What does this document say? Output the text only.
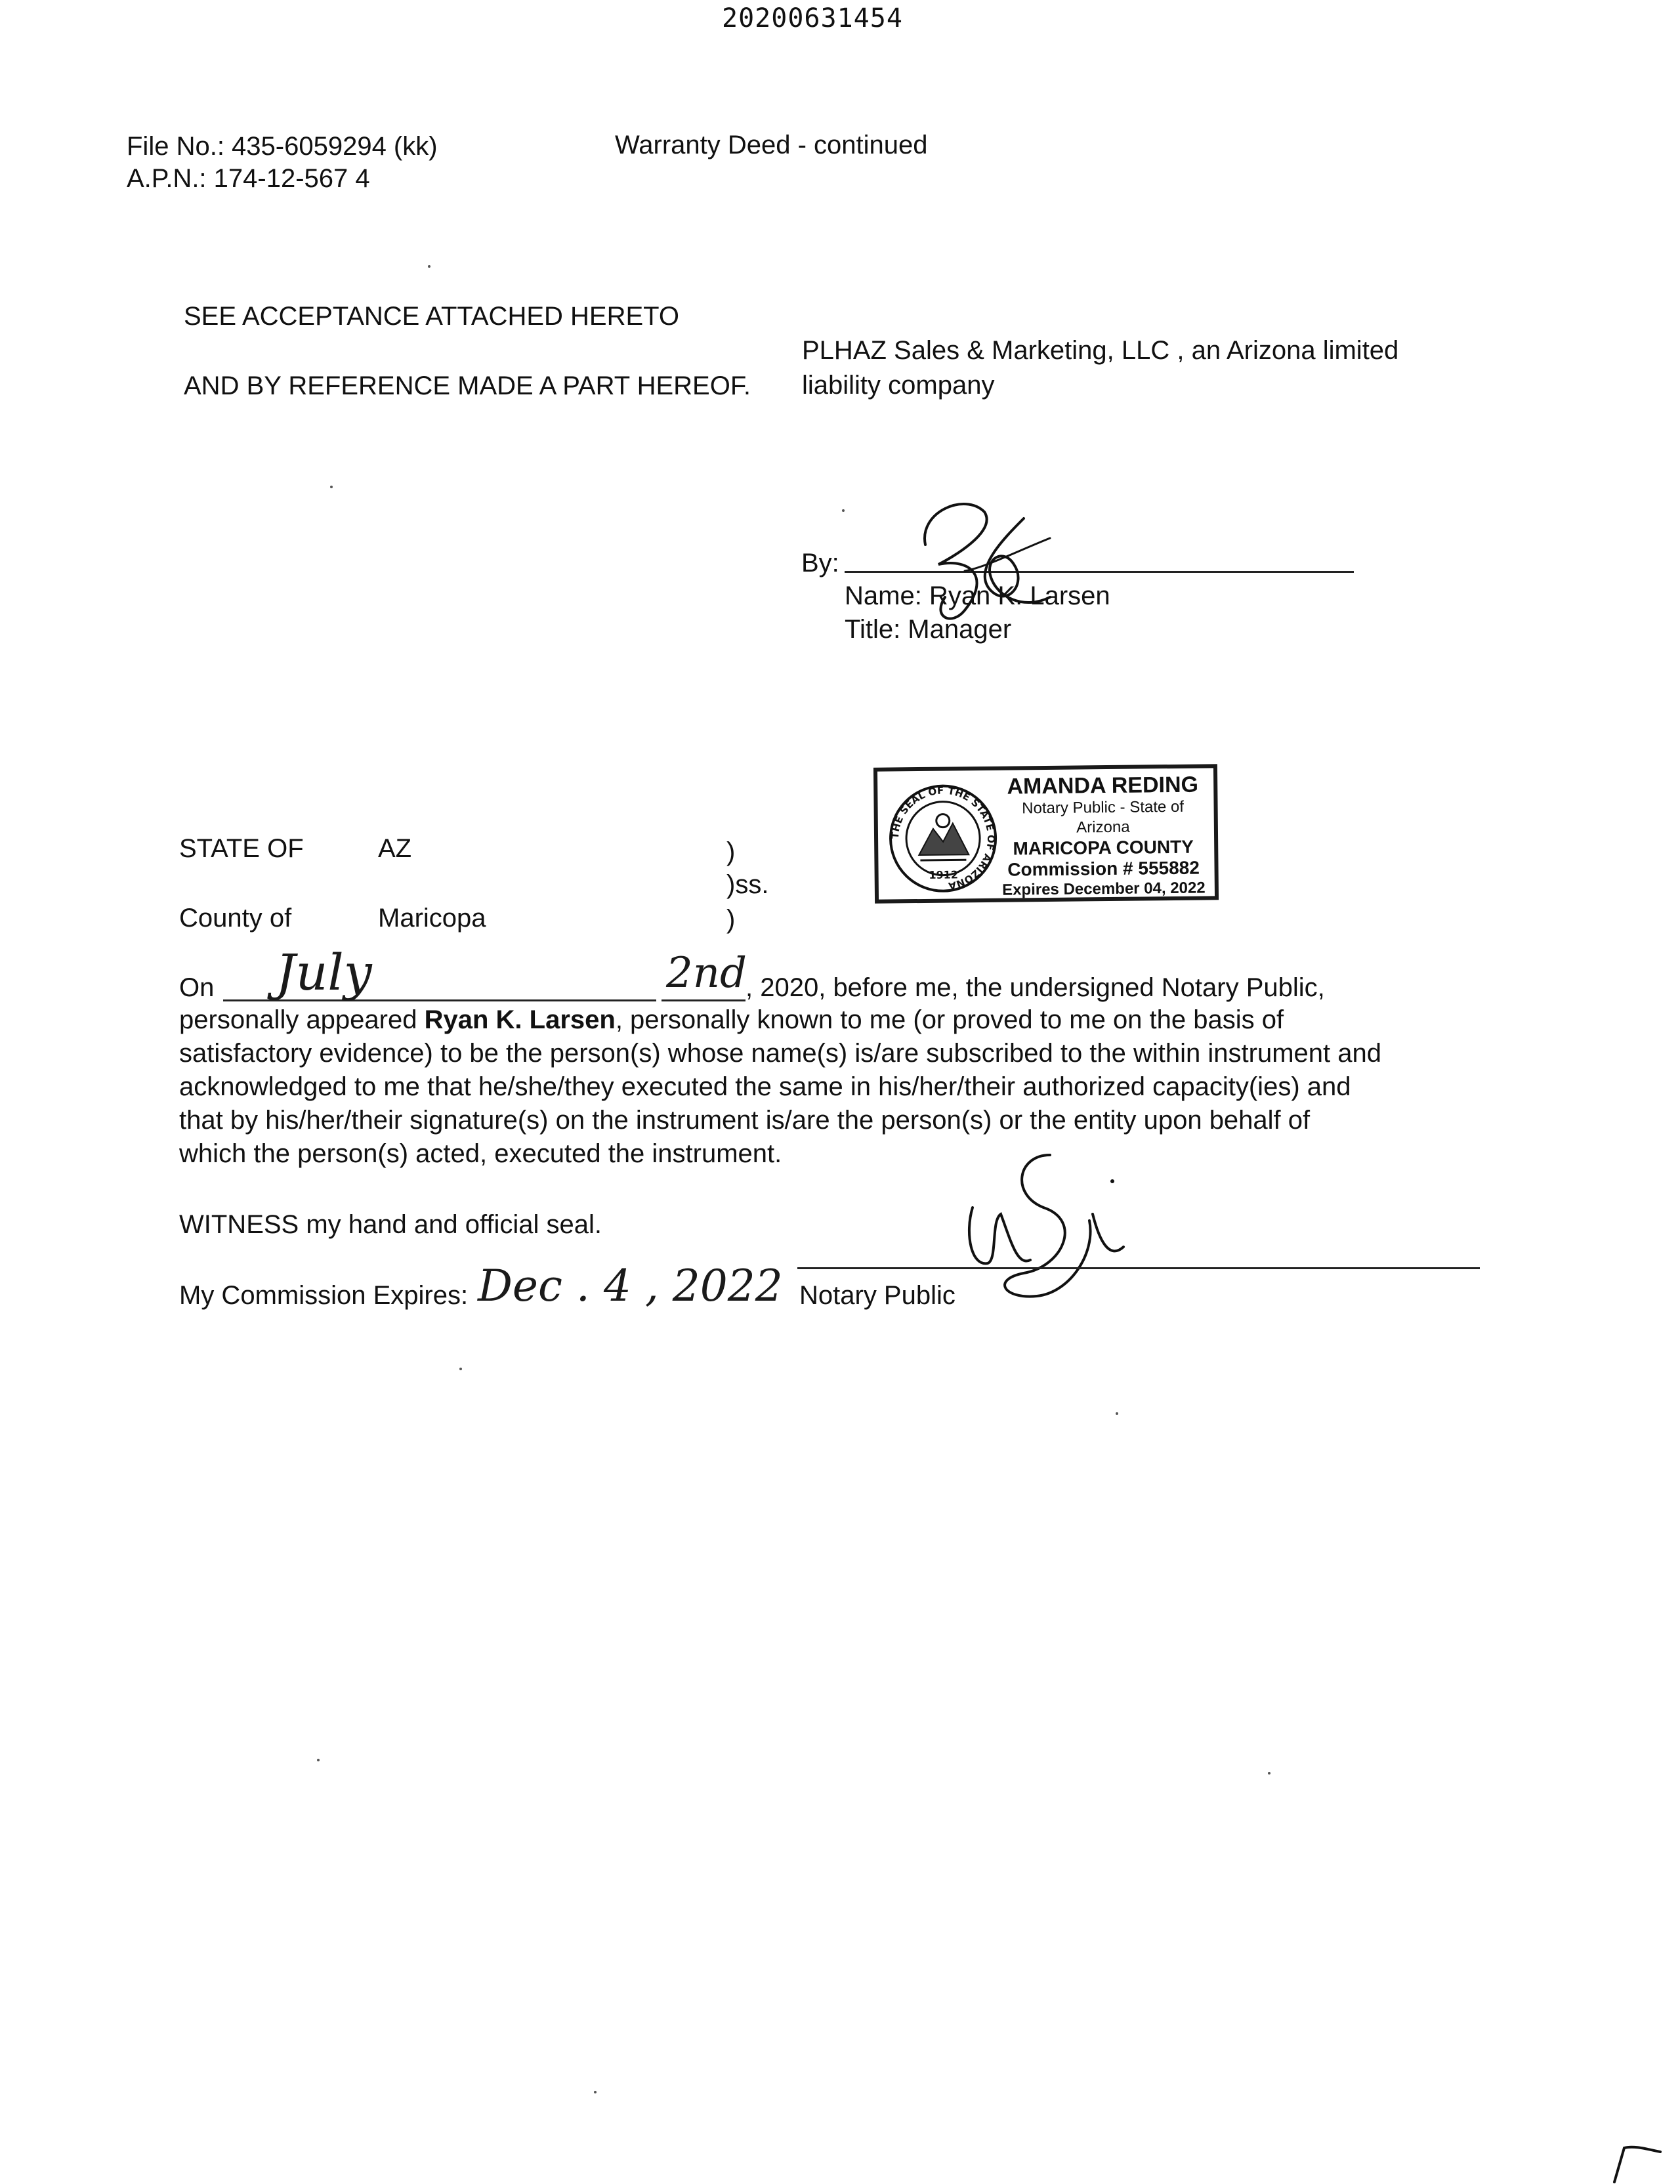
20200631454
File No.: 435-6059294 (kk)
A.P.N.: 174-12-567 4
Warranty Deed - continued
SEE ACCEPTANCE ATTACHED HERETO
AND BY REFERENCE MADE A PART HEREOF.
PLHAZ Sales & Marketing, LLC , an Arizona limited
liability company
By:
Name: Ryan K. Larsen
Title: Manager
THE SEAL OF THE STATE OF ARIZONA
1912
AMANDA REDING
Notary Public - State of Arizona
MARICOPA COUNTY
Commission # 555882
Expires December 04, 2022
STATE OF	AZ	)
)ss.
County of	Maricopa	)
On July	2nd
, 2020, before me, the undersigned Notary Public,
personally appeared Ryan K. Larsen, personally known to me (or proved to me on the basis of
satisfactory evidence) to be the person(s) whose name(s) is/are subscribed to the within instrument and
acknowledged to me that he/she/they executed the same in his/her/their authorized capacity(ies) and
that by his/her/their signature(s) on the instrument is/are the person(s) or the entity upon behalf of
which the person(s) acted, executed the instrument.
WITNESS my hand and official seal.
My Commission Expires: Dec . 4 , 2022 Notary Public
